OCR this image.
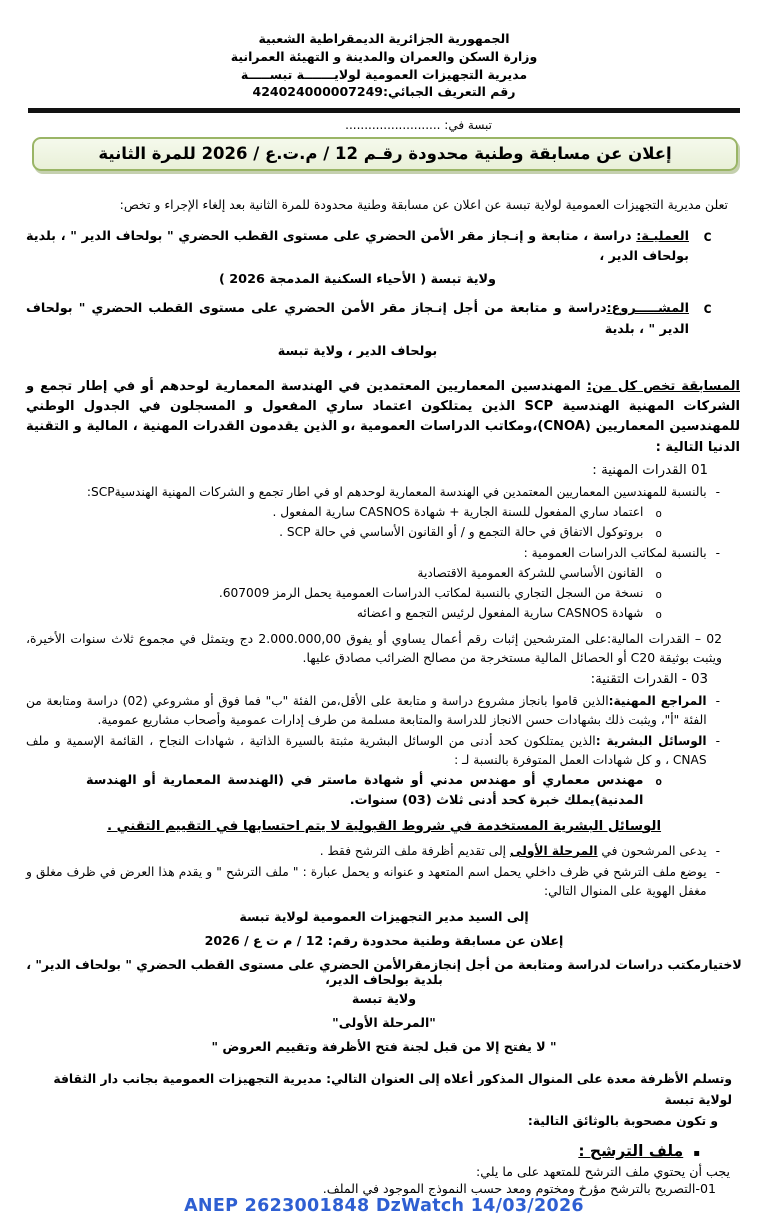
الجمهورية الجزائرية الديمقراطية الشعبية
وزارة السكن والعمران والمدينة و التهيئة العمرانية
مديرية التجهيزات العمومية لولايـــــــة تبســـــة
رقم التعريف الجبائي:424024000007249
تبسة في: .........................
إعلان عن مسابقة وطنية محدودة رقـم 12 / م.ت.ع / 2026 للمرة الثانية
تعلن مديرية التجهيزات العمومية لولاية تبسة عن اعلان عن مسابقة وطنية محدودة للمرة الثانية بعد إلغاء الإجراء و تخص:
c
العمليـة: دراسة ، متابعة و إنـجاز مقر الأمن الحضري على مستوى القطب الحضري " بولحاف الدير " ، بلدية بولحاف الدير ،
ولاية تبسة ( الأحياء السكنية المدمجة 2026 )
c
المشـــــروع:دراسة و متابعة من أجل إنـجاز مقر الأمن الحضري على مستوى القطب الحضري " بولحاف الدير " ، بلدية
بولحاف الدير ، ولاية تبسة
المسابقة تخص كل من: المهندسين المعماريين المعتمدين في الهندسة المعمارية لوحدهم أو في إطار تجمع و الشركات المهنية الهندسية SCP الذين يمتلكون اعتماد ساري المفعول و المسجلون في الجدول الوطني للمهندسين المعماريين (CNOA)،ومكاتب الدراسات العمومية ،و الذين يقدمون القدرات المهنية ، المالية و التقنية الدنيا التالية :
01 القدرات المهنية :
-
بالنسبة للمهندسين المعماريين المعتمدين في الهندسة المعمارية لوحدهم او في اطار تجمع و الشركات المهنية الهندسيةSCP:
o
اعتماد ساري المفعول للسنة الجارية + شهادة CASNOS سارية المفعول .
o
بروتوكول الاتفاق في حالة التجمع و / أو القانون الأساسي في حالة SCP .
-
بالنسبة لمكاتب الدراسات العمومية :
o
القانون الأساسي للشركة العمومية الاقتصادية
o
نسخة من السجل التجاري بالنسبة لمكاتب الدراسات العمومية يحمل الرمز 607009.
o
شهادة CASNOS سارية المفعول لرئيس التجمع و اعضائه
02 – القدرات المالية:على المترشحين إثبات رقم أعمال يساوي أو يفوق 2.000.000,00 دج ويتمثل في مجموع ثلاث سنوات الأخيرة، ويثبت بوثيقة C20 أو الحصائل المالية مستخرجة من مصالح الضرائب مصادق عليها.
03 - القدرات التقنية:
-
المراجع المهنية:الذين قاموا بانجاز مشروع دراسة و متابعة على الأقل،من الفئة "ب" فما فوق أو مشروعي (02) دراسة ومتابعة من الفئة "أ"، ويثبت ذلك بشهادات حسن الانجاز للدراسة والمتابعة مسلمة من طرف إدارات عمومية وأصحاب مشاريع عمومية.
-
الوسائل البشرية :الذين يمتلكون كحد أدنى من الوسائل البشرية مثبتة بالسيرة الذاتية ، شهادات النجاح ، القائمة الإسمية و ملف CNAS ، و كل شهادات العمل المتوفرة بالنسبة لـ :
o
مهندس معماري أو مهندس مدني أو شهادة ماستر في (الهندسة المعمارية أو الهندسة المدنية)يملك خبرة كحد أدنى ثلاث (03) سنوات.
الوسائل البشرية المستخدمة في شروط القبولية لا يتم احتسابها في التقييم التقني .
-
يدعى المرشحون في المرحلة الأولى إلى تقديم أظرفة ملف الترشح فقط .
-
يوضع ملف الترشح في ظرف داخلي يحمل اسم المتعهد و عنوانه و يحمل عبارة : " ملف الترشح " و يقدم هذا العرض في ظرف مغلق و مغفل الهوية على المنوال التالي:
إلى السيد مدير التجهيزات العمومية لولاية تبسة
إعلان عن مسابقة وطنية محدودة رقم: 12 / م ت ع / 2026
لاختيارمكتب دراسات لدراسة ومتابعة من أجل إنجازمقرالأمن الحضري على مستوى القطب الحضري " بولحاف الدير" ، بلدية بولحاف الدير،
ولاية تبسة
"المرحلة الأولى"
" لا يفتح إلا من قبل لجنة فتح الأظرفة وتقييم العروض "
وتسلم الأظرفة معدة على المنوال المذكور أعلاه إلى العنوان التالي: مديرية التجهيزات العمومية بجانب دار الثقافة لولاية تبسة
و تكون مصحوبة بالوثائق التالية:
▪
ملف الترشح :
يجب أن يحتوي ملف الترشح للمتعهد على ما يلي:
01-التصريح بالترشح مؤرخ ومختوم ومعد حسب النموذج الموجود في الملف.
ANEP 2623001848 DzWatch 14/03/2026
